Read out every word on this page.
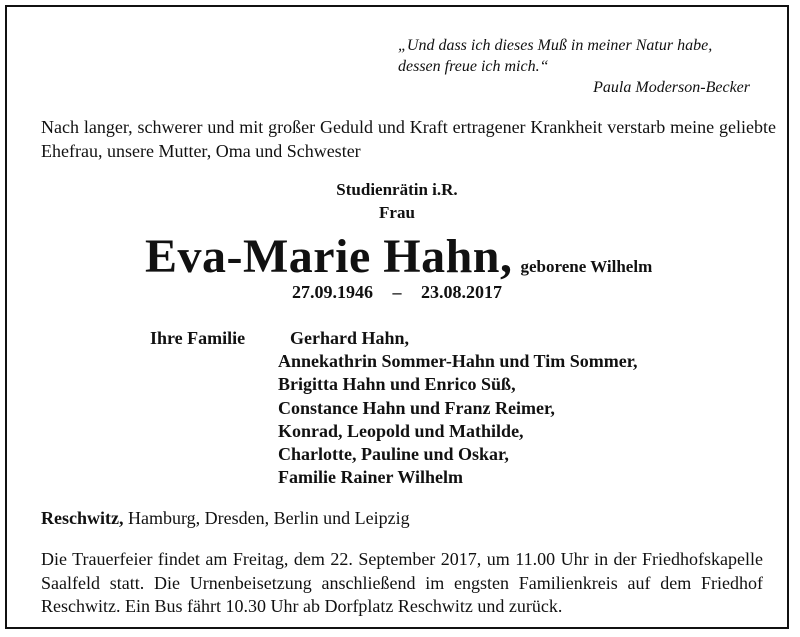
„Und dass ich dieses Muß in meiner Natur habe,
dessen freue ich mich.“
Paula Moderson-Becker
Nach langer, schwerer und mit großer Geduld und Kraft ertragener Krankheit verstarb meine geliebte Ehefrau, unsere Mutter, Oma und Schwester
Studienrätin i.R.
Frau
Eva-Marie Hahn, geborene Wilhelm
27.09.1946 – 23.08.2017
Ihre Familie	Gerhard Hahn,
Annekathrin Sommer-Hahn und Tim Sommer,
Brigitta Hahn und Enrico Süß,
Constance Hahn und Franz Reimer,
Konrad, Leopold und Mathilde,
Charlotte, Pauline und Oskar,
Familie Rainer Wilhelm
Reschwitz, Hamburg, Dresden, Berlin und Leipzig
Die Trauerfeier findet am Freitag, dem 22. September 2017, um 11.00 Uhr in der Friedhofskapelle Saalfeld statt. Die Urnenbeisetzung anschließend im engsten Familienkreis auf dem Friedhof Reschwitz. Ein Bus fährt 10.30 Uhr ab Dorfplatz Reschwitz und zurück.
